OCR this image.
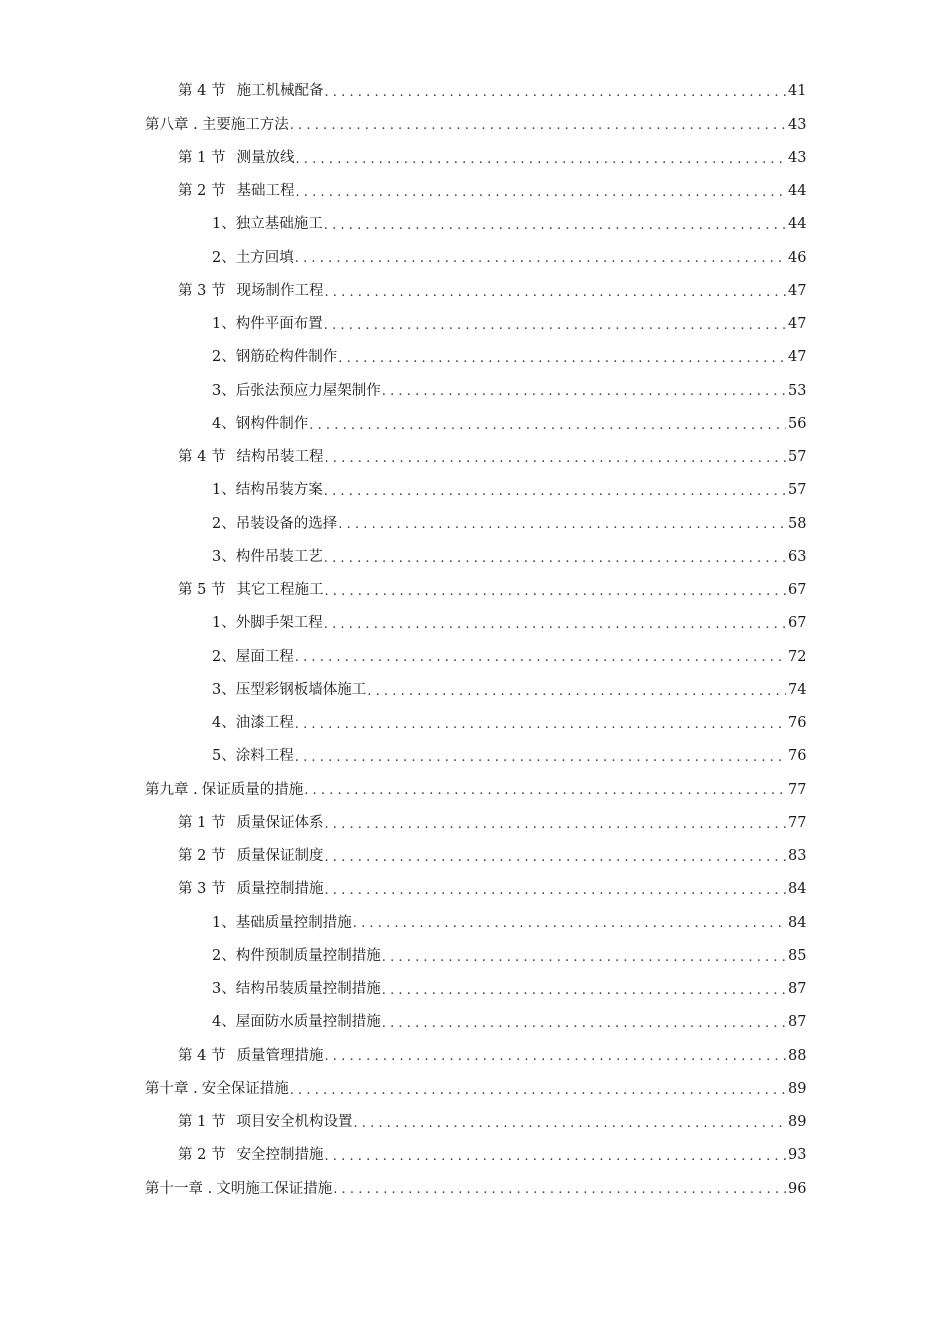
第 4 节 施工机械配备 .....	41
第八章 . 主要施工方法 .....	43
第 1 节 测量放线 .....	43
第 2 节 基础工程 .....	44
1、 独立基础施工 .....	44
2、 土方回填 .....	46
第 3 节 现场制作工程 .....	47
1、 构件平面布置 .....	47
2、 钢筋砼构件制作 .....	47
3、 后张法预应力屋架制作 .....	53
4、 钢构件制作 .....	56
第 4 节 结构吊装工程 .....	57
1、 结构吊装方案 .....	57
2、 吊装设备的选择 .....	58
3、 构件吊装工艺 .....	63
第 5 节 其它工程施工 .....	67
1、 外脚手架工程 .....	67
2、 屋面工程 .....	72
3、 压型彩钢板墙体施工 .....	74
4、 油漆工程 .....	76
5、 涂料工程 .....	76
第九章 . 保证质量的措施 .....	77
第 1 节 质量保证体系 .....	77
第 2 节 质量保证制度 .....	83
第 3 节 质量控制措施 .....	84
1、 基础质量控制措施 .....	84
2、 构件预制质量控制措施 .....	85
3、 结构吊装质量控制措施 .....	87
4、 屋面防水质量控制措施 .....	87
第 4 节 质量管理措施 .....	88
第十章 . 安全保证措施 .....	89
第 1 节 项目安全机构设置 .....	89
第 2 节 安全控制措施 .....	93
第十一章 . 文明施工保证措施 .....	96
